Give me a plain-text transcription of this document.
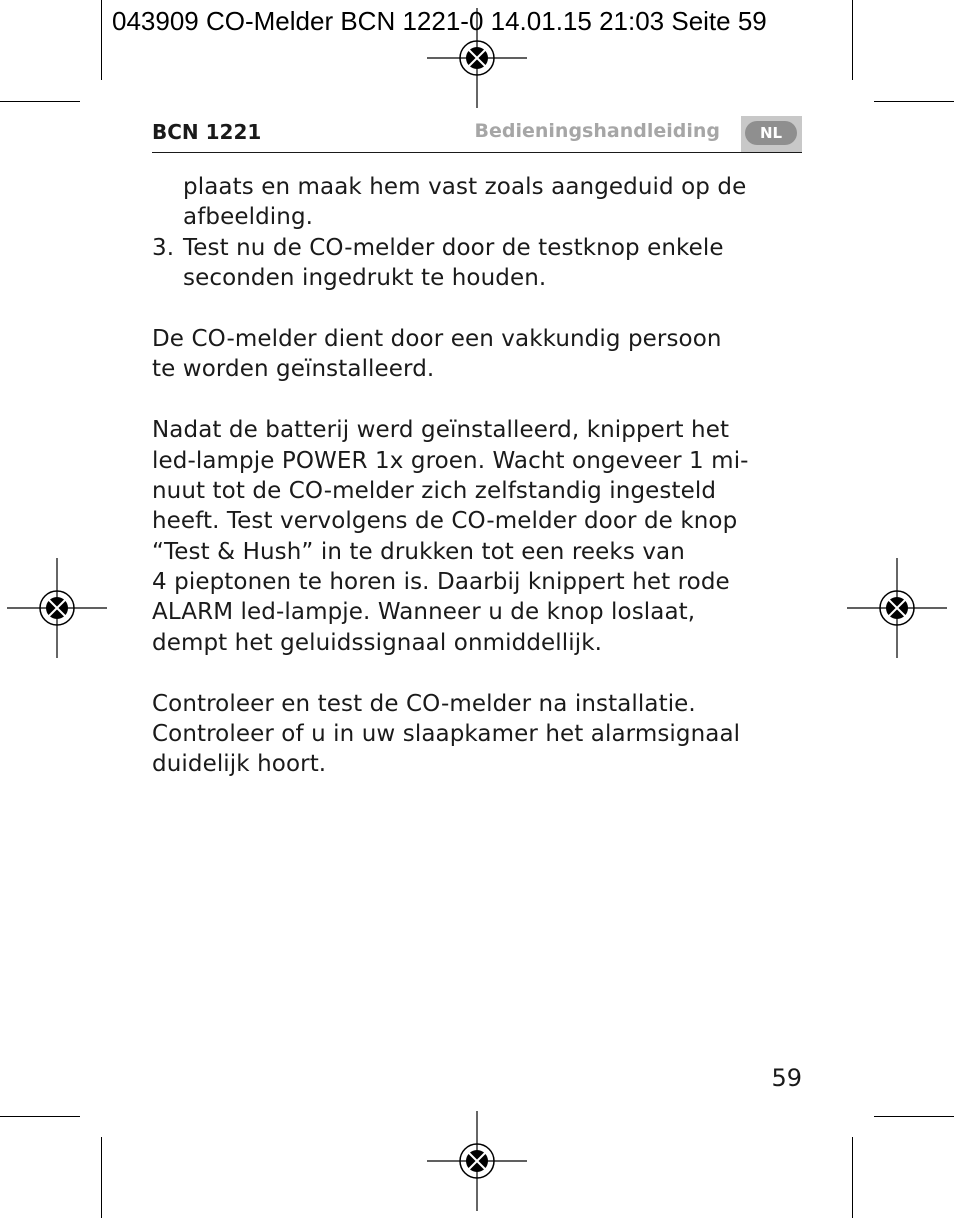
043909 CO-Melder BCN 1221-0 14.01.15 21:03 Seite 59
BCN 1221	Bedieningshandleiding	NL
plaats en maak hem vast zoals aangeduid op de
afbeelding.
3. Test nu de CO-melder door de testknop enkele
seconden ingedrukt te houden.
De CO-melder dient door een vakkundig persoon
te worden geïnstalleerd.
Nadat de batterij werd geïnstalleerd, knippert het
led-lampje POWER 1x groen. Wacht ongeveer 1 mi-
nuut tot de CO-melder zich zelfstandig ingesteld
heeft. Test vervolgens de CO-melder door de knop
“Test & Hush” in te drukken tot een reeks van
4 pieptonen te horen is. Daarbij knippert het rode
ALARM led-lampje. Wanneer u de knop loslaat,
dempt het geluidssignaal onmiddellijk.
Controleer en test de CO-melder na installatie.
Controleer of u in uw slaapkamer het alarmsignaal
duidelijk hoort.
59
